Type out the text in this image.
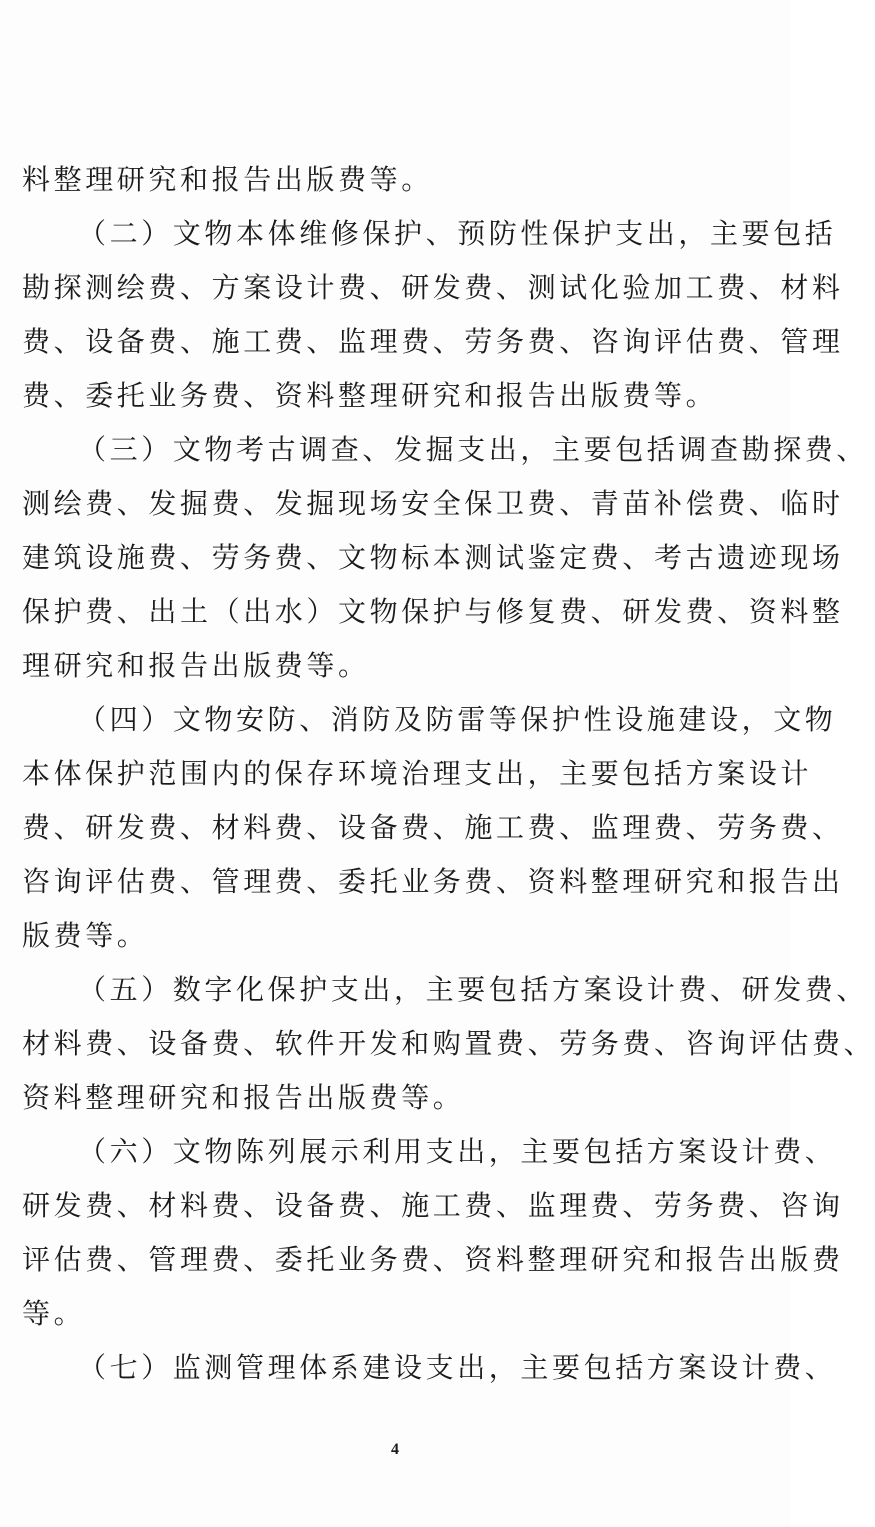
料整理研究和报告出版费等。
（二）文物本体维修保护、预防性保护支出，主要包括
勘探测绘费、方案设计费、研发费、测试化验加工费、材料
费、设备费、施工费、监理费、劳务费、咨询评估费、管理
费、委托业务费、资料整理研究和报告出版费等。
（三）文物考古调查、发掘支出，主要包括调查勘探费、
测绘费、发掘费、发掘现场安全保卫费、青苗补偿费、临时
建筑设施费、劳务费、文物标本测试鉴定费、考古遗迹现场
保护费、出土（出水）文物保护与修复费、研发费、资料整
理研究和报告出版费等。
（四）文物安防、消防及防雷等保护性设施建设，文物
本体保护范围内的保存环境治理支出，主要包括方案设计
费、研发费、材料费、设备费、施工费、监理费、劳务费、
咨询评估费、管理费、委托业务费、资料整理研究和报告出
版费等。
（五）数字化保护支出，主要包括方案设计费、研发费、
材料费、设备费、软件开发和购置费、劳务费、咨询评估费、
资料整理研究和报告出版费等。
（六）文物陈列展示利用支出，主要包括方案设计费、
研发费、材料费、设备费、施工费、监理费、劳务费、咨询
评估费、管理费、委托业务费、资料整理研究和报告出版费
等。
（七）监测管理体系建设支出，主要包括方案设计费、
4
